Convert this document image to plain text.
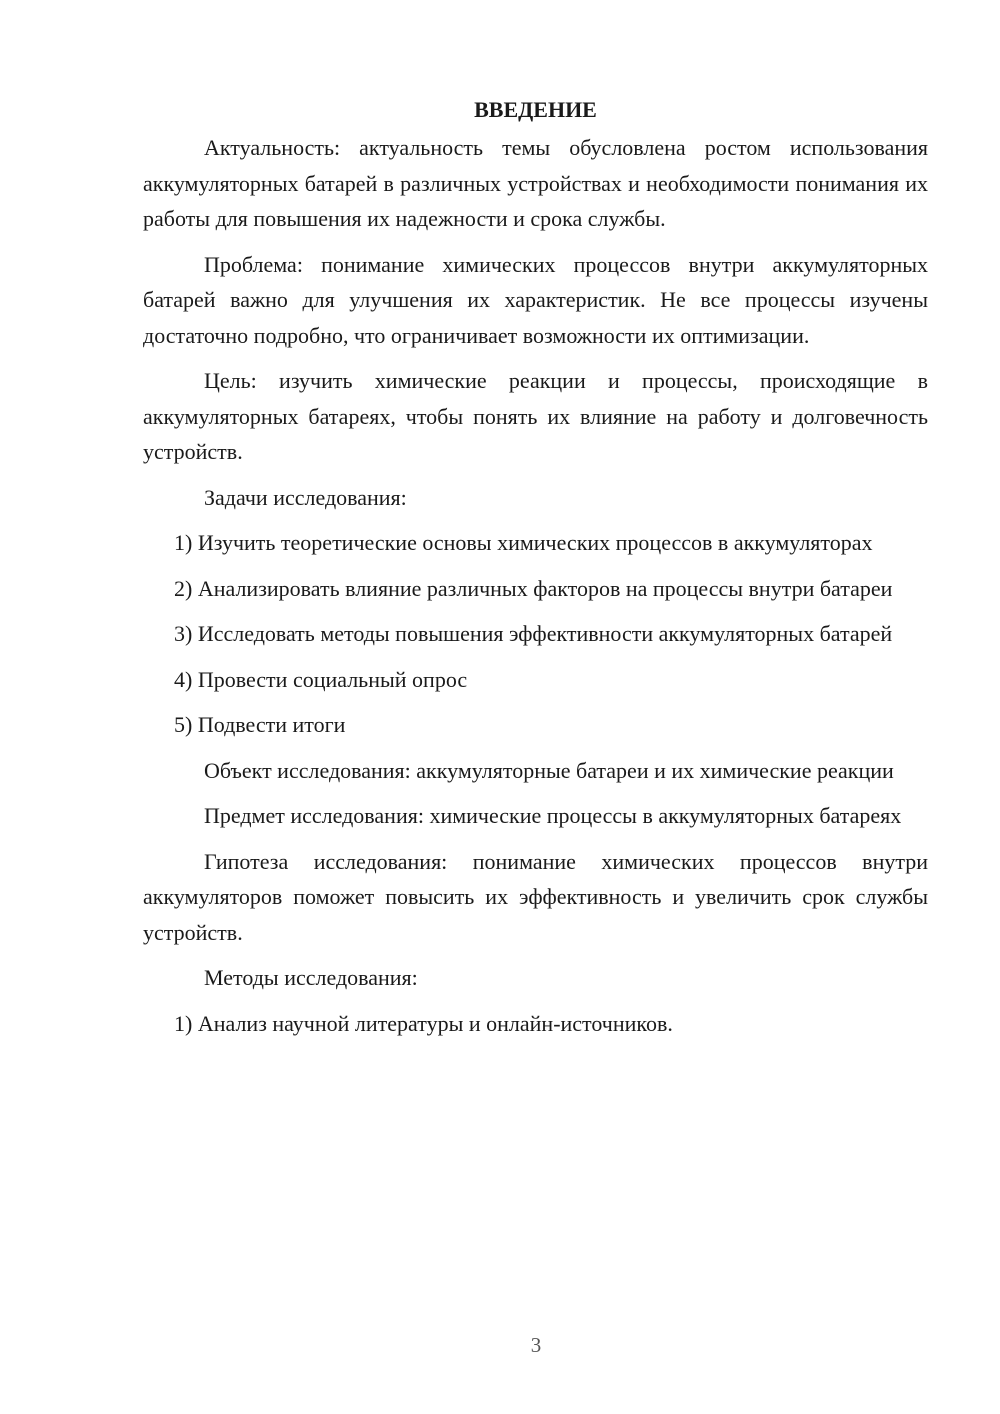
ВВЕДЕНИЕ

Актуальность: актуальность темы обусловлена ростом использования аккумуляторных батарей в различных устройствах и необходимости понимания их работы для повышения их надежности и срока службы.

Проблема: понимание химических процессов внутри аккумуляторных батарей важно для улучшения их характеристик. Не все процессы изучены достаточно подробно, что ограничивает возможности их оптимизации.

Цель: изучить химические реакции и процессы, происходящие в аккумуляторных батареях, чтобы понять их влияние на работу и долговечность устройств.

Задачи исследования:

1) Изучить теоретические основы химических процессов в аккумуляторах

2) Анализировать влияние различных факторов на процессы внутри батареи

3) Исследовать методы повышения эффективности аккумуляторных батарей

4) Провести социальный опрос

5) Подвести итоги

Объект исследования: аккумуляторные батареи и их химические реакции

Предмет исследования: химические процессы в аккумуляторных батареях

Гипотеза исследования: понимание химических процессов внутри аккумуляторов поможет повысить их эффективность и увеличить срок службы устройств.

Методы исследования:

1) Анализ научной литературы и онлайн-источников.

3
